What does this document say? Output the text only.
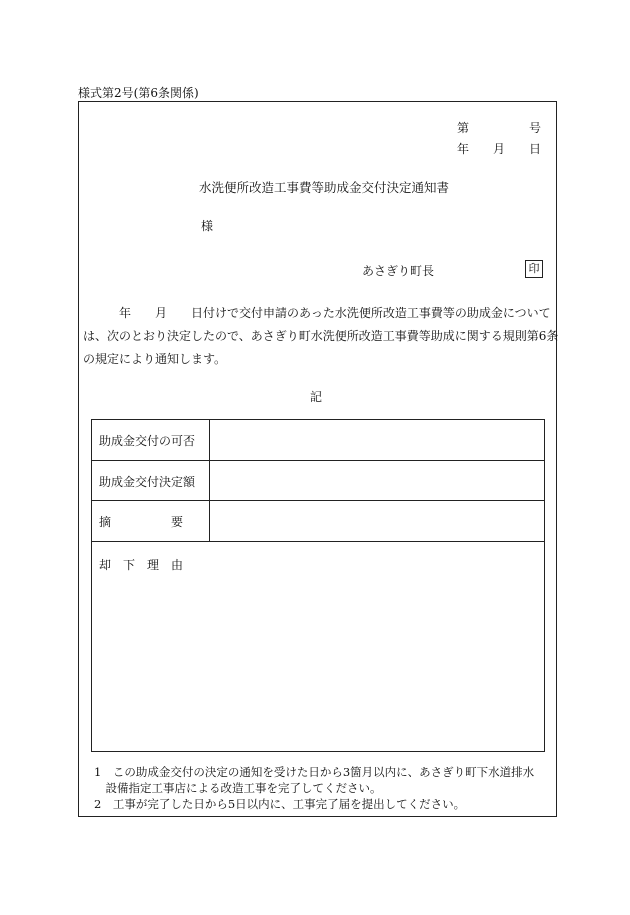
様式第2号(第6条関係)
第	号
年 月 日
水洗便所改造工事費等助成金交付決定通知書
様
あさぎり町長	印
　　　年　　月　　日付けで交付申請のあった水洗便所改造工事費等の助成金について
は、次のとおり決定したので、あさぎり町水洗便所改造工事費等助成に関する規則第6条
の規定により通知します。
記
助成金交付の可否
助成金交付決定額
摘　　　　　要
却　下　理　由
1　この助成金交付の決定の通知を受けた日から3箇月以内に、あさぎり町下水道排水
　設備指定工事店による改造工事を完了してください。
2　工事が完了した日から5日以内に、工事完了届を提出してください。
